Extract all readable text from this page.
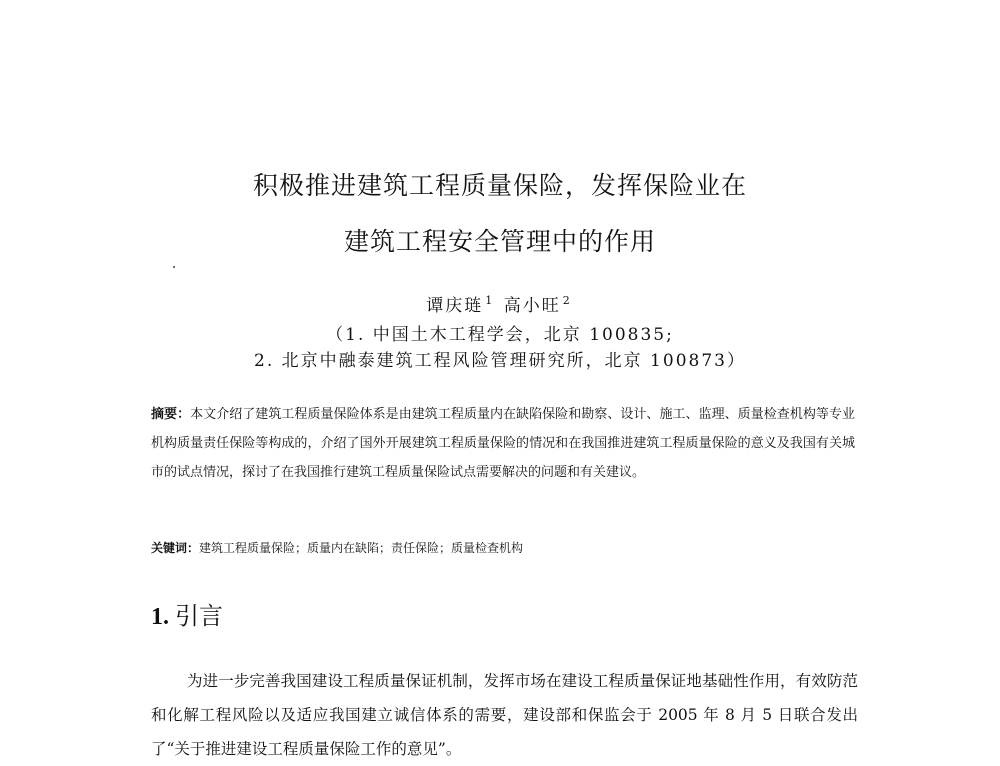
积极推进建筑工程质量保险，发挥保险业在
建筑工程安全管理中的作用
谭庆琏 $^1$ 高小旺 $^2$
（1. 中国土木工程学会，北京 100835;
2. 北京中融泰建筑工程风险管理研究所，北京 100873）
摘要：本文介绍了建筑工程质量保险体系是由建筑工程质量内在缺陷保险和勘察、设计、施工、监理、质量检查机构等专业机构质量责任保险等构成的，介绍了国外开展建筑工程质量保险的情况和在我国推进建筑工程质量保险的意义及我国有关城市的试点情况，探讨了在我国推行建筑工程质量保险试点需要解决的问题和有关建议。
关键词：建筑工程质量保险；质量内在缺陷；责任保险；质量检查机构
1. 引言
为进一步完善我国建设工程质量保证机制，发挥市场在建设工程质量保证地基础性作用，有效防范和化解工程风险以及适应我国建立诚信体系的需要，建设部和保监会于 2005 年 8 月 5 日联合发出了“关于推进建设工程质量保险工作的意见”。
